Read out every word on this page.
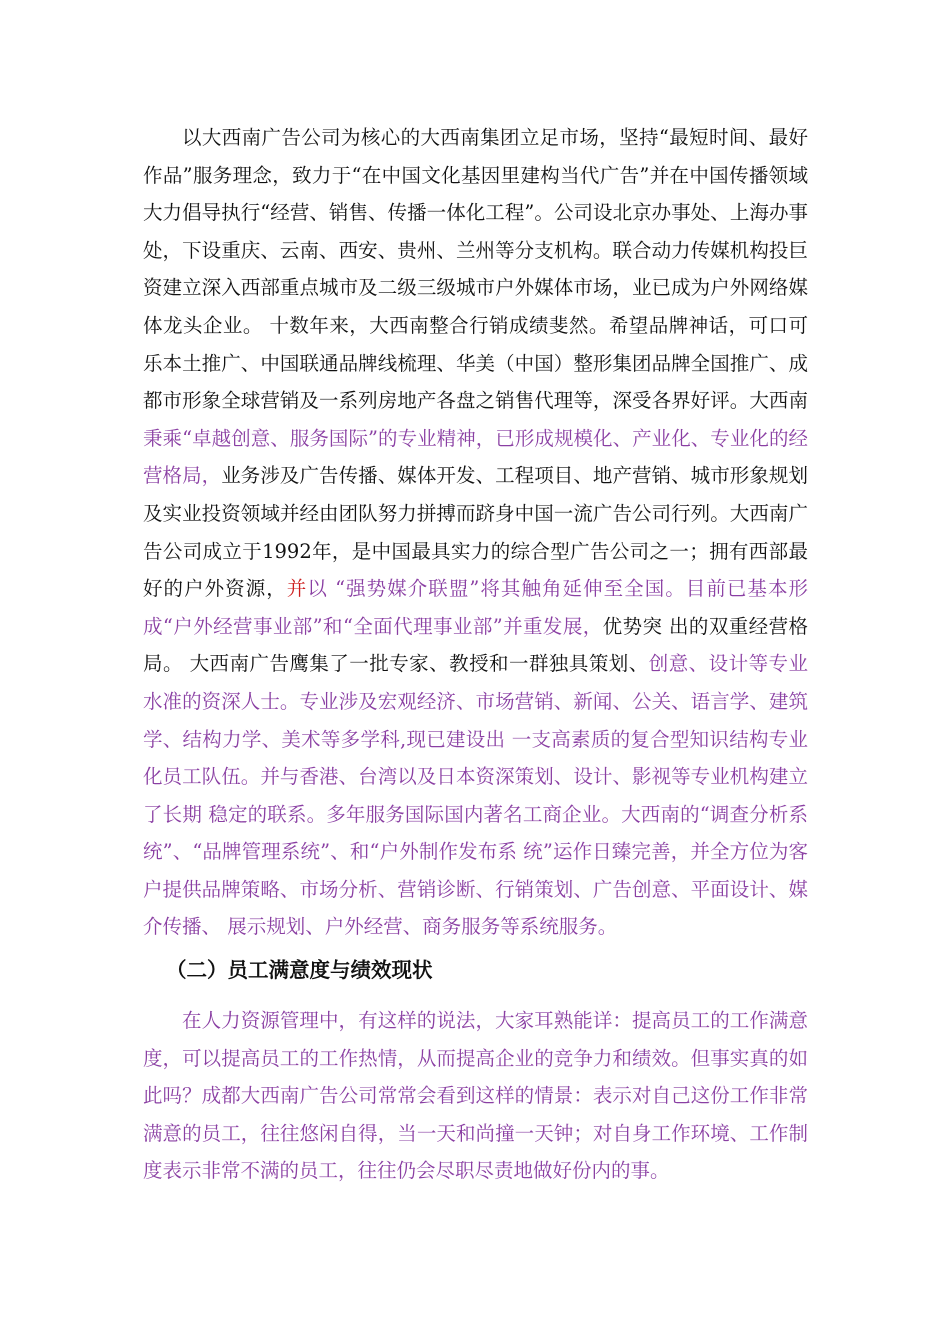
以大西南广告公司为核心的大西南集团立足市场，坚持“最短时间、最好作品”服务理念，致力于“在中国文化基因里建构当代广告”并在中国传播领域大力倡导执行“经营、销售、传播一体化工程”。公司设北京办事处、上海办事处，下设重庆、云南、西安、贵州、兰州等分支机构。联合动力传媒机构投巨资建立深入西部重点城市及二级三级城市户外媒体市场，业已成为户外网络媒体龙头企业。 十数年来，大西南整合行销成绩斐然。希望品牌神话，可口可乐本土推广、中国联通品牌线梳理、华美（中国）整形集团品牌全国推广、成都市形象全球营销及一系列房地产各盘之销售代理等，深受各界好评。大西南秉乘“卓越创意、服务国际”的专业精神，已形成规模化、产业化、专业化的经营格局，业务涉及广告传播、媒体开发、工程项目、地产营销、城市形象规划及实业投资领域并经由团队努力拼搏而跻身中国一流广告公司行列。大西南广告公司成立于1992年，是中国最具实力的综合型广告公司之一；拥有西部最好的户外资源，并以 “强势媒介联盟”将其触角延伸至全国。目前已基本形成“户外经营事业部”和“全面代理事业部”并重发展，优势突 出的双重经营格局。 大西南广告鹰集了一批专家、教授和一群独具策划、创意、设计等专业水准的资深人士。专业涉及宏观经济、市场营销、新闻、公关、语言学、建筑学、结构力学、美术等多学科,现已建设出 一支高素质的复合型知识结构专业化员工队伍。并与香港、台湾以及日本资深策划、设计、影视等专业机构建立了长期 稳定的联系。多年服务国际国内著名工商企业。大西南的“调查分析系统”、“品牌管理系统”、和“户外制作发布系 统”运作日臻完善，并全方位为客户提供品牌策略、市场分析、营销诊断、行销策划、广告创意、平面设计、媒介传播、 展示规划、户外经营、商务服务等系统服务。

（二）员工满意度与绩效现状

在人力资源管理中，有这样的说法，大家耳熟能详：提高员工的工作满意度，可以提高员工的工作热情，从而提高企业的竞争力和绩效。但事实真的如此吗？成都大西南广告公司常常会看到这样的情景：表示对自己这份工作非常满意的员工，往往悠闲自得，当一天和尚撞一天钟；对自身工作环境、工作制度表示非常不满的员工，往往仍会尽职尽责地做好份内的事。
